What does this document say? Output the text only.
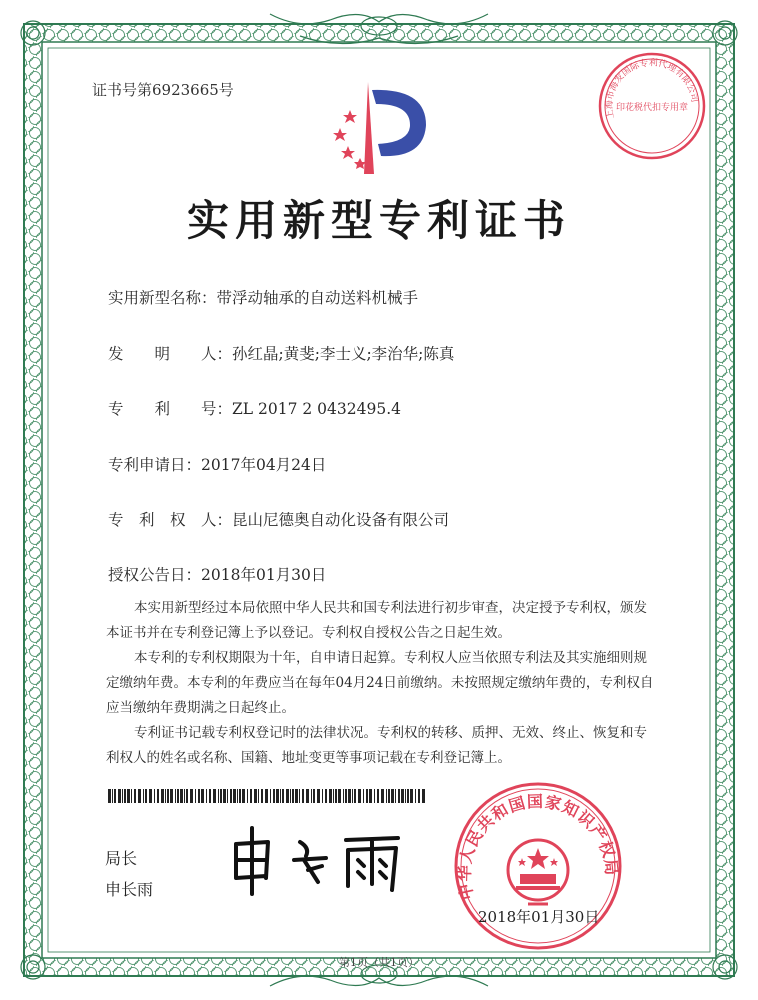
证书号第6923665号
上海市海发国际专利代理有限公司
印花税代扣专用章
实用新型专利证书
实用新型名称：带浮动轴承的自动送料机械手
发　　明　　人：孙红晶;黄斐;李士义;李治华;陈真
专　　利　　号：ZL 2017 2 0432495.4
专利申请日：2017年04月24日
专　利　权　人：昆山尼德奥自动化设备有限公司
授权公告日：2018年01月30日

本实用新型经过本局依照中华人民共和国专利法进行初步审查，决定授予专利权，颁发本证书并在专利登记簿上予以登记。专利权自授权公告之日起生效。

本专利的专利权期限为十年，自申请日起算。专利权人应当依照专利法及其实施细则规定缴纳年费。本专利的年费应当在每年04月24日前缴纳。未按照规定缴纳年费的，专利权自应当缴纳年费期满之日起终止。

专利证书记载专利权登记时的法律状况。专利权的转移、质押、无效、终止、恢复和专利权人的姓名或名称、国籍、地址变更等事项记载在专利登记簿上。

局长
申长雨	中华人民共和国国家知识产权局
2018年01月30日
第1页（共1页）
